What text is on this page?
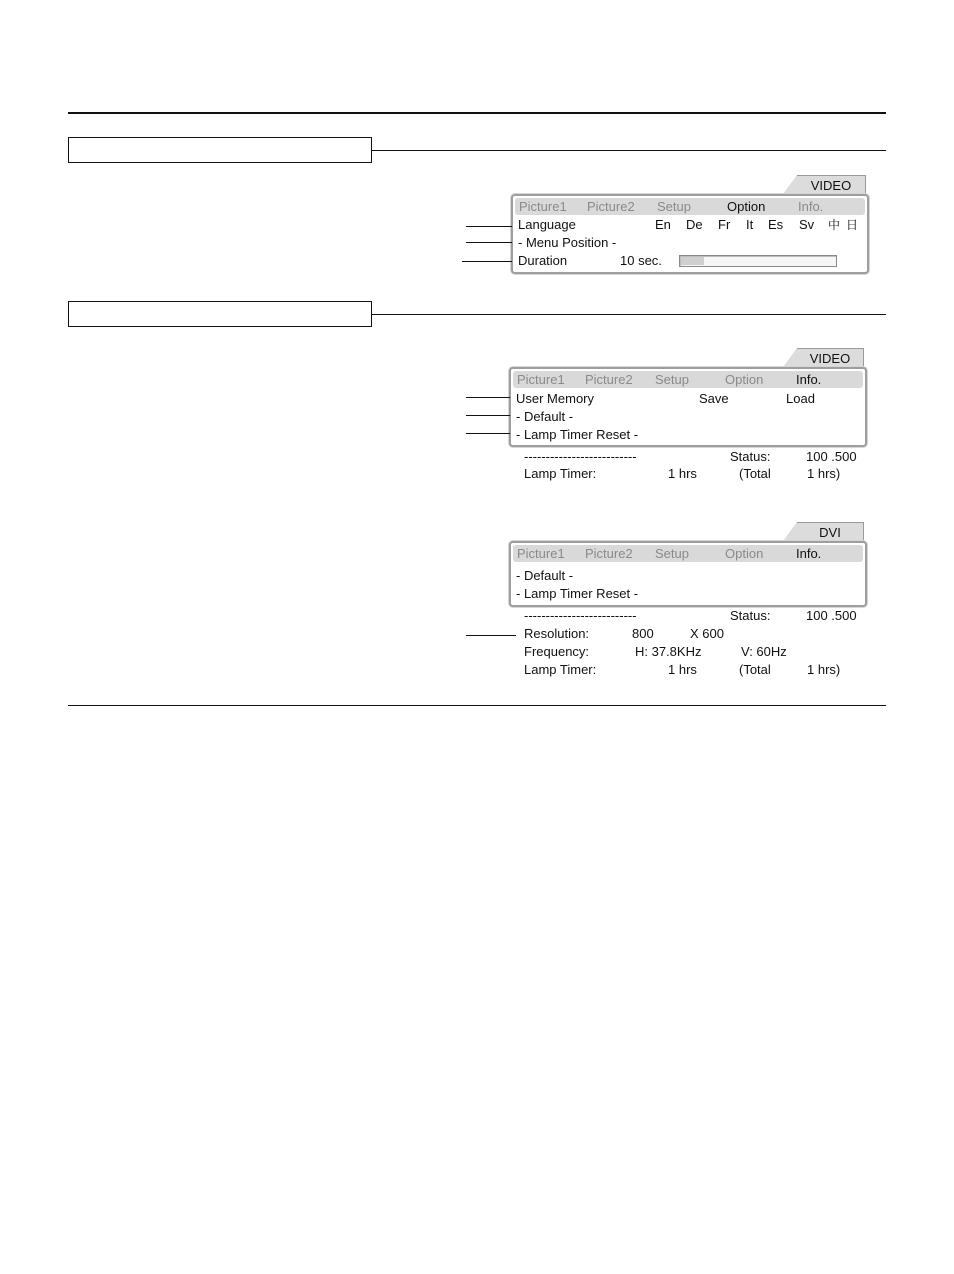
VIDEO
Picture1 Picture2 Setup	Option	Info.
Language	En De Fr It Es Sv 中 日
- Menu Position -
Duration	10 sec.
VIDEO
Picture1 Picture2 Setup	Option	Info.
User Memory	Save	Load
- Default -
- Lamp Timer Reset -
--------------------------	Status:	100 .500
Lamp Timer:	1 hrs	(Total	1 hrs)
DVI
Picture1 Picture2 Setup	Option	Info.
- Default -
- Lamp Timer Reset -
--------------------------	Status:	100 .500
Resolution:	800	X 600
Frequency:	H: 37.8KHz	V: 60Hz
Lamp Timer:	1 hrs	(Total	1 hrs)
